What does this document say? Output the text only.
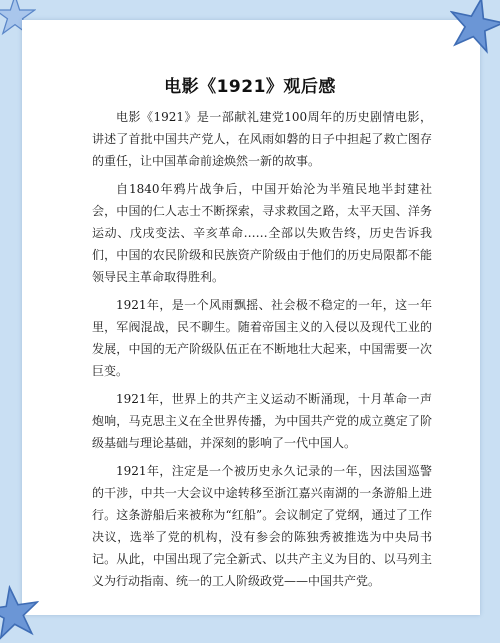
电影《1921》观后感

电影《1921》是一部献礼建党100周年的历史剧情电影，讲述了首批中国共产党人，在风雨如磐的日子中担起了救亡图存的重任，让中国革命前途焕然一新的故事。

自1840年鸦片战争后，中国开始沦为半殖民地半封建社会，中国的仁人志士不断探索，寻求救国之路，太平天国、洋务运动、戊戌变法、辛亥革命……全部以失败告终，历史告诉我们，中国的农民阶级和民族资产阶级由于他们的历史局限都不能领导民主革命取得胜利。

1921年，是一个风雨飘摇、社会极不稳定的一年，这一年里，军阀混战，民不聊生。随着帝国主义的入侵以及现代工业的发展，中国的无产阶级队伍正在不断地壮大起来，中国需要一次巨变。

1921年，世界上的共产主义运动不断涌现，十月革命一声炮响，马克思主义在全世界传播，为中国共产党的成立奠定了阶级基础与理论基础，并深刻的影响了一代中国人。

1921年，注定是一个被历史永久记录的一年，因法国巡警的干涉，中共一大会议中途转移至浙江嘉兴南湖的一条游船上进行。这条游船后来被称为“红船”。会议制定了党纲，通过了工作决议，选举了党的机构，没有参会的陈独秀被推选为中央局书记。从此，中国出现了完全新式、以共产主义为目的、以马列主义为行动指南、统一的工人阶级政党——中国共产党。
